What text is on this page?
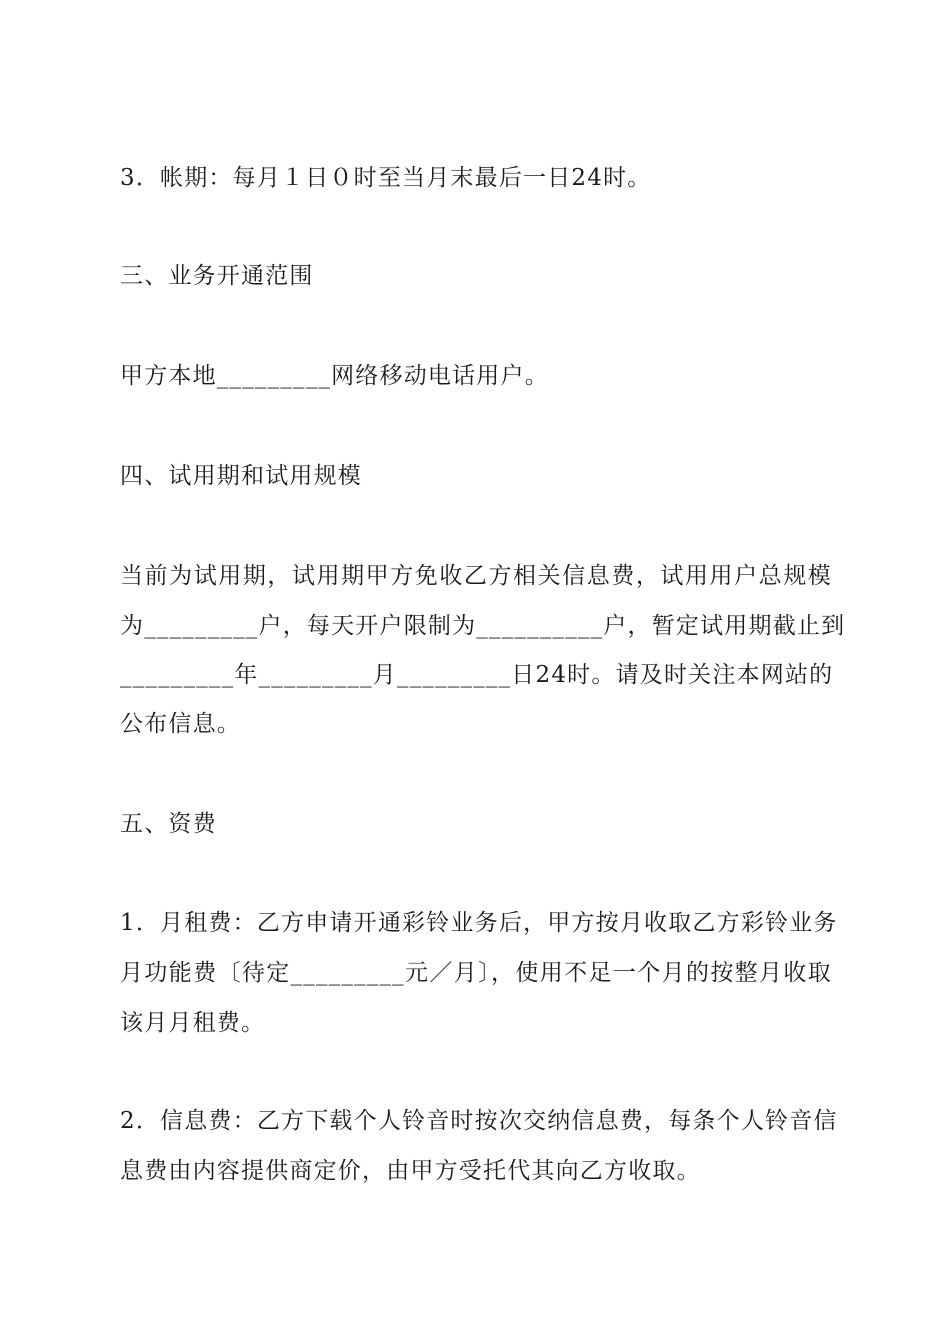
3．帐期：每月１日０时至当月末最后一日24时。
三、业务开通范围
甲方本地_________网络移动电话用户。
四、试用期和试用规模
当前为试用期，试用期甲方免收乙方相关信息费，试用用户总规模
为_________户，每天开户限制为__________户，暂定试用期截止到
_________年_________月_________日24时。请及时关注本网站的
公布信息。
五、资费
1．月租费：乙方申请开通彩铃业务后，甲方按月收取乙方彩铃业务
月功能费〔待定_________元／月〕，使用不足一个月的按整月收取
该月月租费。
2．信息费：乙方下载个人铃音时按次交纳信息费，每条个人铃音信
息费由内容提供商定价，由甲方受托代其向乙方收取。
